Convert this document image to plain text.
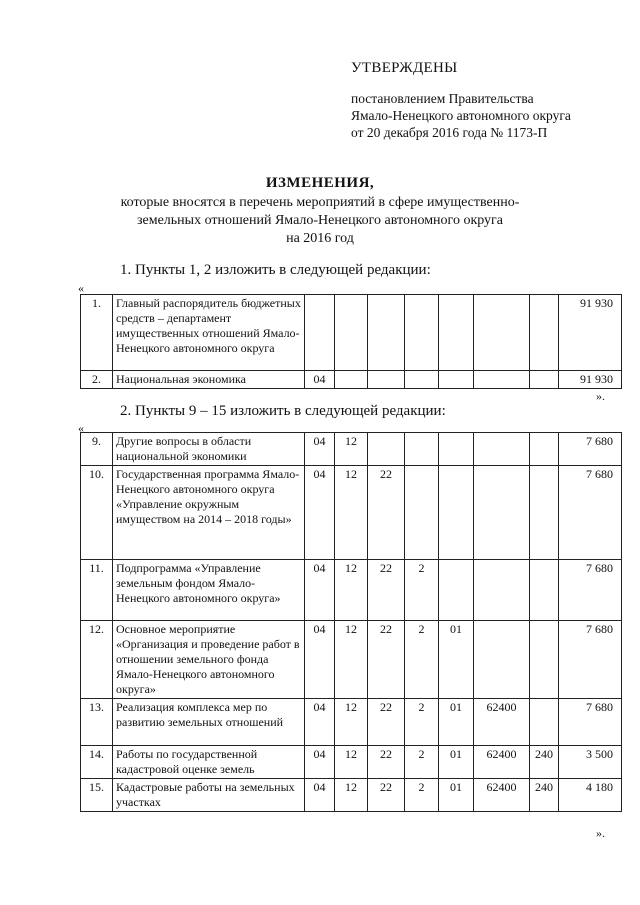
УТВЕРЖДЕНЫ
постановлением Правительства
Ямало-Ненецкого автономного округа
от 20 декабря 2016 года № 1173-П
ИЗМЕНЕНИЯ,
которые вносятся в перечень мероприятий в сфере имущественно-
земельных отношений Ямало-Ненецкого автономного округа
на 2016 год
1. Пункты 1, 2 изложить в следующей редакции:
«
1.	Главный распорядитель бюджетных средств – департамент имущественных отношений Ямало-Ненецкого автономного округа								91 930
2.	Национальная экономика	04							91 930
».
2. Пункты 9 – 15 изложить в следующей редакции:
«
9.	Другие вопросы в области национальной экономики	04	12						7 680
10.	Государственная программа Ямало-Ненецкого автономного округа «Управление окружным имуществом на 2014 – 2018 годы»	04	12	22					7 680
11.	Подпрограмма «Управление земельным фондом Ямало-Ненецкого автономного округа»	04	12	22	2				7 680
12.	Основное мероприятие «Организация и проведение работ в отношении земельного фонда Ямало-Ненецкого автономного округа»	04	12	22	2	01			7 680
13.	Реализация комплекса мер по развитию земельных отношений	04	12	22	2	01	62400		7 680
14.	Работы по государственной кадастровой оценке земель	04	12	22	2	01	62400	240	3 500
15.	Кадастровые работы на земельных участках	04	12	22	2	01	62400	240	4 180
».
